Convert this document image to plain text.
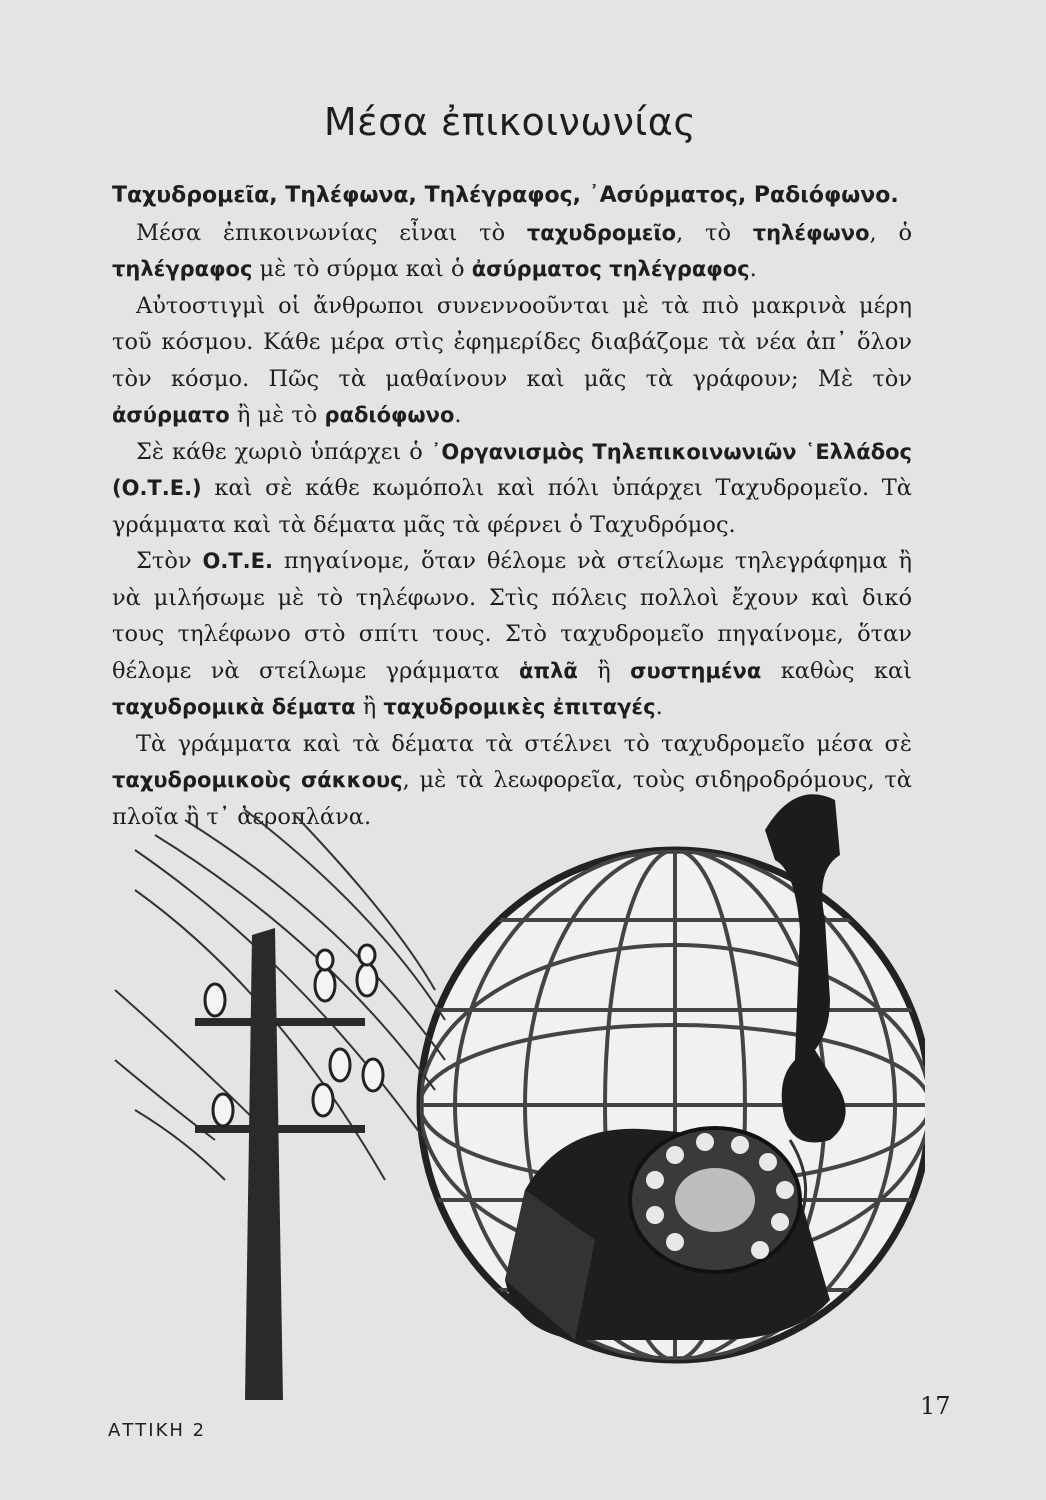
Μέσα ἐπικοινωνίας

Ταχυδρομεῖα, Τηλέφωνα, Τηλέγραφος, ᾿Ασύρματος, Ραδιόφωνο.

Μέσα ἐπικοινωνίας εἶναι τὸ ταχυδρομεῖο, τὸ τηλέφωνο, ὁ τηλέγραφος μὲ τὸ σύρμα καὶ ὁ ἀσύρματος τηλέγραφος.

Αὐτοστιγμὶ οἱ ἄνθρωποι συνεννοοῦνται μὲ τὰ πιὸ μακρινὰ μέρη τοῦ κόσμου. Κάθε μέρα στὶς ἐφημερίδες διαβάζομε τὰ νέα ἀπ᾿ ὅλον τὸν κόσμο. Πῶς τὰ μαθαίνουν καὶ μᾶς τὰ γράφουν; Μὲ τὸν ἀσύρματο ἢ μὲ τὸ ραδιόφωνο.

Σὲ κάθε χωριὸ ὑπάρχει ὁ ᾿Οργανισμὸς Τηλεπικοινωνιῶν ῾Ελλάδος (Ο.Τ.Ε.) καὶ σὲ κάθε κωμόπολι καὶ πόλι ὑπάρχει Ταχυδρομεῖο. Τὰ γράμματα καὶ τὰ δέματα μᾶς τὰ φέρνει ὁ Ταχυδρόμος.

Στὸν Ο.Τ.Ε. πηγαίνομε, ὅταν θέλομε νὰ στείλωμε τηλεγράφημα ἢ νὰ μιλήσωμε μὲ τὸ τηλέφωνο. Στὶς πόλεις πολλοὶ ἔχουν καὶ δικό τους τηλέφωνο στὸ σπίτι τους. Στὸ ταχυδρομεῖο πηγαίνομε, ὅταν θέλομε νὰ στείλωμε γράμματα ἁπλᾶ ἢ συστημένα καθὼς καὶ ταχυδρομικὰ δέματα ἢ ταχυδρομικὲς ἐπιταγές.

Τὰ γράμματα καὶ τὰ δέματα τὰ στέλνει τὸ ταχυδρομεῖο μέσα σὲ ταχυδρομικοὺς σάκκους, μὲ τὰ λεωφορεῖα, τοὺς σιδηροδρόμους, τὰ πλοῖα ἢ τ᾿ ἀεροπλάνα.

ΑΤΤΙΚΗ 2
17
